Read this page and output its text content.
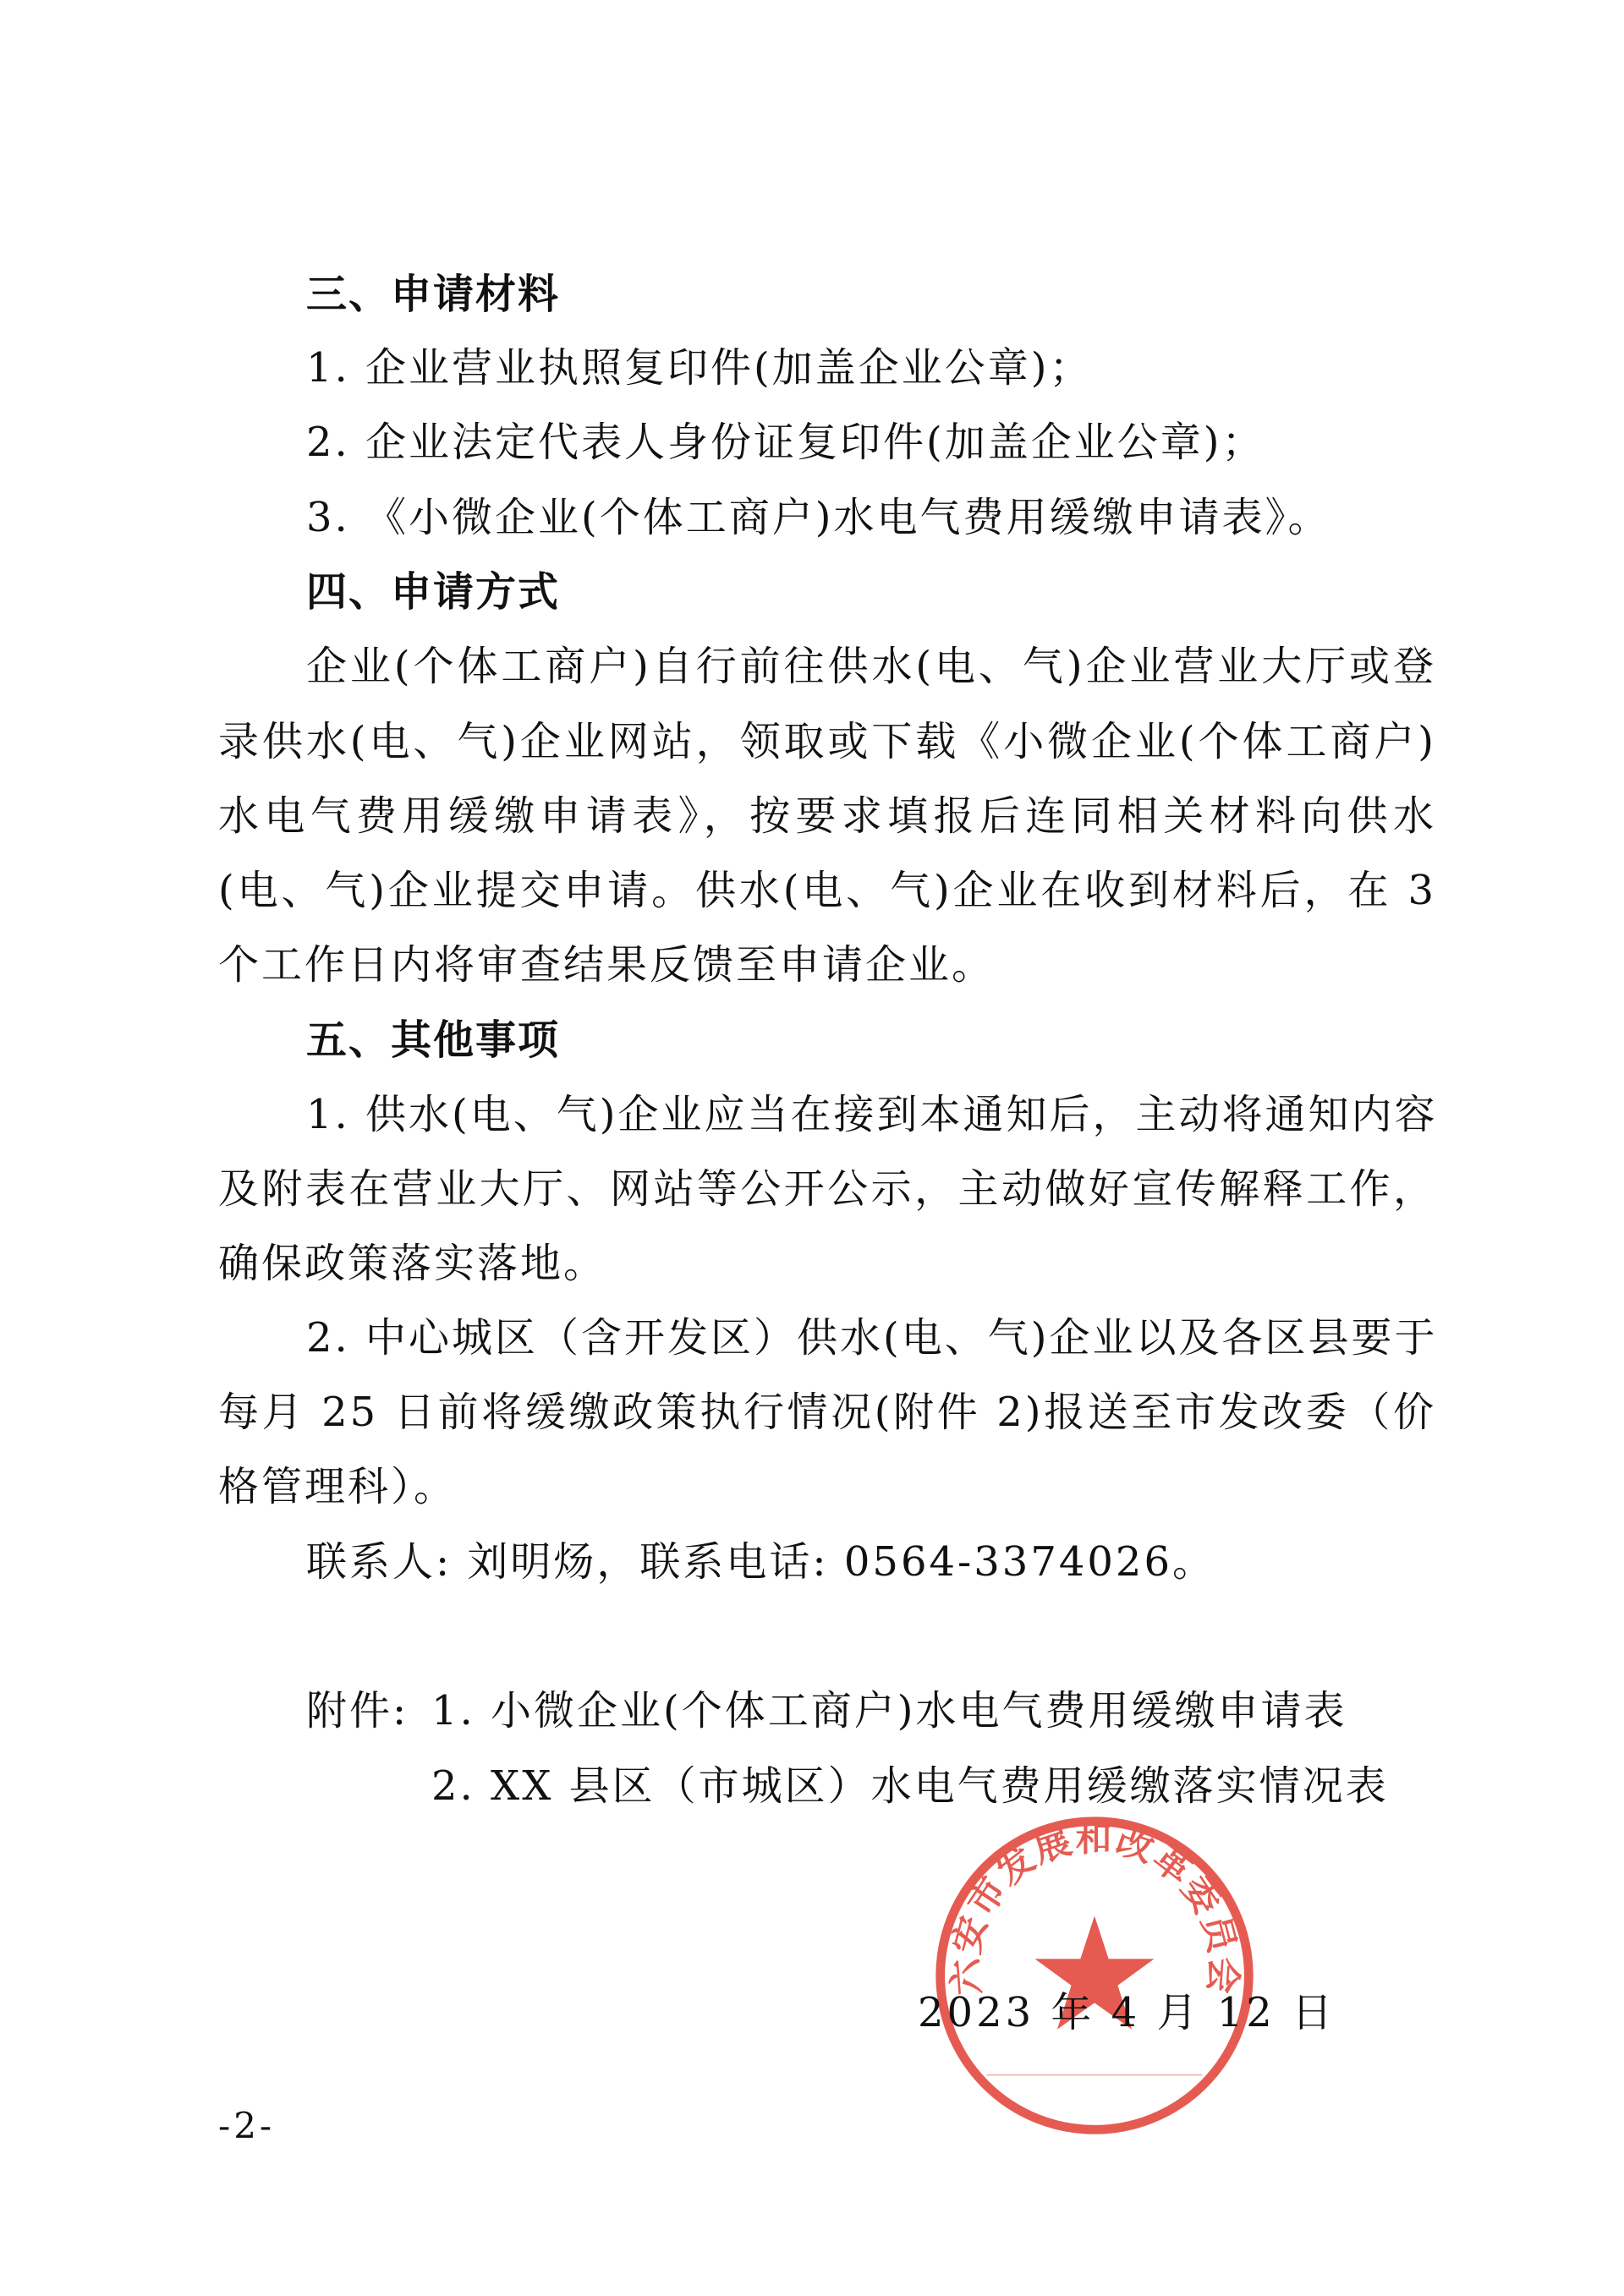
三、申请材料
1. 企业营业执照复印件(加盖企业公章)；
2. 企业法定代表人身份证复印件(加盖企业公章)；
3. 《小微企业(个体工商户)水电气费用缓缴申请表》。
四、申请方式
企业(个体工商户)自行前往供水(电、气)企业营业大厅或登
录供水(电、气)企业网站，领取或下载《小微企业(个体工商户)
水电气费用缓缴申请表》，按要求填报后连同相关材料向供水
(电、气)企业提交申请。供水(电、气)企业在收到材料后，在 3
个工作日内将审查结果反馈至申请企业。
五、其他事项
1. 供水(电、气)企业应当在接到本通知后，主动将通知内容
及附表在营业大厅、网站等公开公示，主动做好宣传解释工作，
确保政策落实落地。
2. 中心城区（含开发区）供水(电、气)企业以及各区县要于
每月 25 日前将缓缴政策执行情况(附件 2)报送至市发改委（价
格管理科）。
联系人: 刘明炀，联系电话: 0564-3374026。
附件: 1. 小微企业(个体工商户)水电气费用缓缴申请表
2. XX 县区（市城区）水电气费用缓缴落实情况表
六安市发展和改革委员会
2023 年 4 月 12 日
-2-
